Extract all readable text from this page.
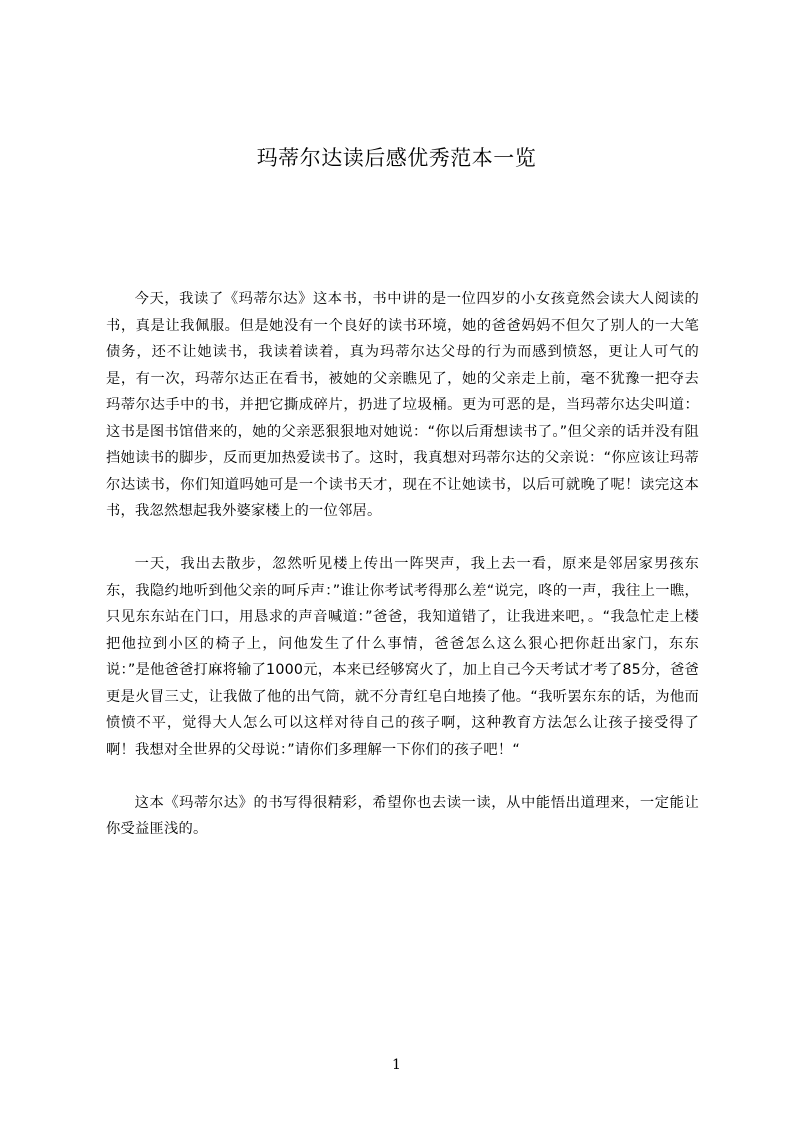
玛蒂尔达读后感优秀范本一览

今天，我读了《玛蒂尔达》这本书，书中讲的是一位四岁的小女孩竟然会读大人阅读的书，真是让我佩服。但是她没有一个良好的读书环境，她的爸爸妈妈不但欠了别人的一大笔债务，还不让她读书，我读着读着，真为玛蒂尔达父母的行为而感到愤怒，更让人可气的是，有一次，玛蒂尔达正在看书，被她的父亲瞧见了，她的父亲走上前，毫不犹豫一把夺去玛蒂尔达手中的书，并把它撕成碎片，扔进了垃圾桶。更为可恶的是，当玛蒂尔达尖叫道：这书是图书馆借来的，她的父亲恶狠狠地对她说：“你以后甭想读书了。”但父亲的话并没有阻挡她读书的脚步，反而更加热爱读书了。这时，我真想对玛蒂尔达的父亲说：“你应该让玛蒂尔达读书，你们知道吗她可是一个读书天才，现在不让她读书，以后可就晚了呢！读完这本书，我忽然想起我外婆家楼上的一位邻居。

一天，我出去散步，忽然听见楼上传出一阵哭声，我上去一看，原来是邻居家男孩东东，我隐约地听到他父亲的呵斥声：”谁让你考试考得那么差“说完，咚的一声，我往上一瞧，只见东东站在门口，用恳求的声音喊道：”爸爸，我知道错了，让我进来吧，。“我急忙走上楼把他拉到小区的椅子上，问他发生了什么事情，爸爸怎么这么狠心把你赶出家门，东东说：”是他爸爸打麻将输了1000元，本来已经够窝火了，加上自己今天考试才考了85分，爸爸更是火冒三丈，让我做了他的出气筒，就不分青红皂白地揍了他。“我听罢东东的话，为他而愤愤不平，觉得大人怎么可以这样对待自己的孩子啊，这种教育方法怎么让孩子接受得了啊！我想对全世界的父母说：”请你们多理解一下你们的孩子吧！“

这本《玛蒂尔达》的书写得很精彩，希望你也去读一读，从中能悟出道理来，一定能让你受益匪浅的。

1
